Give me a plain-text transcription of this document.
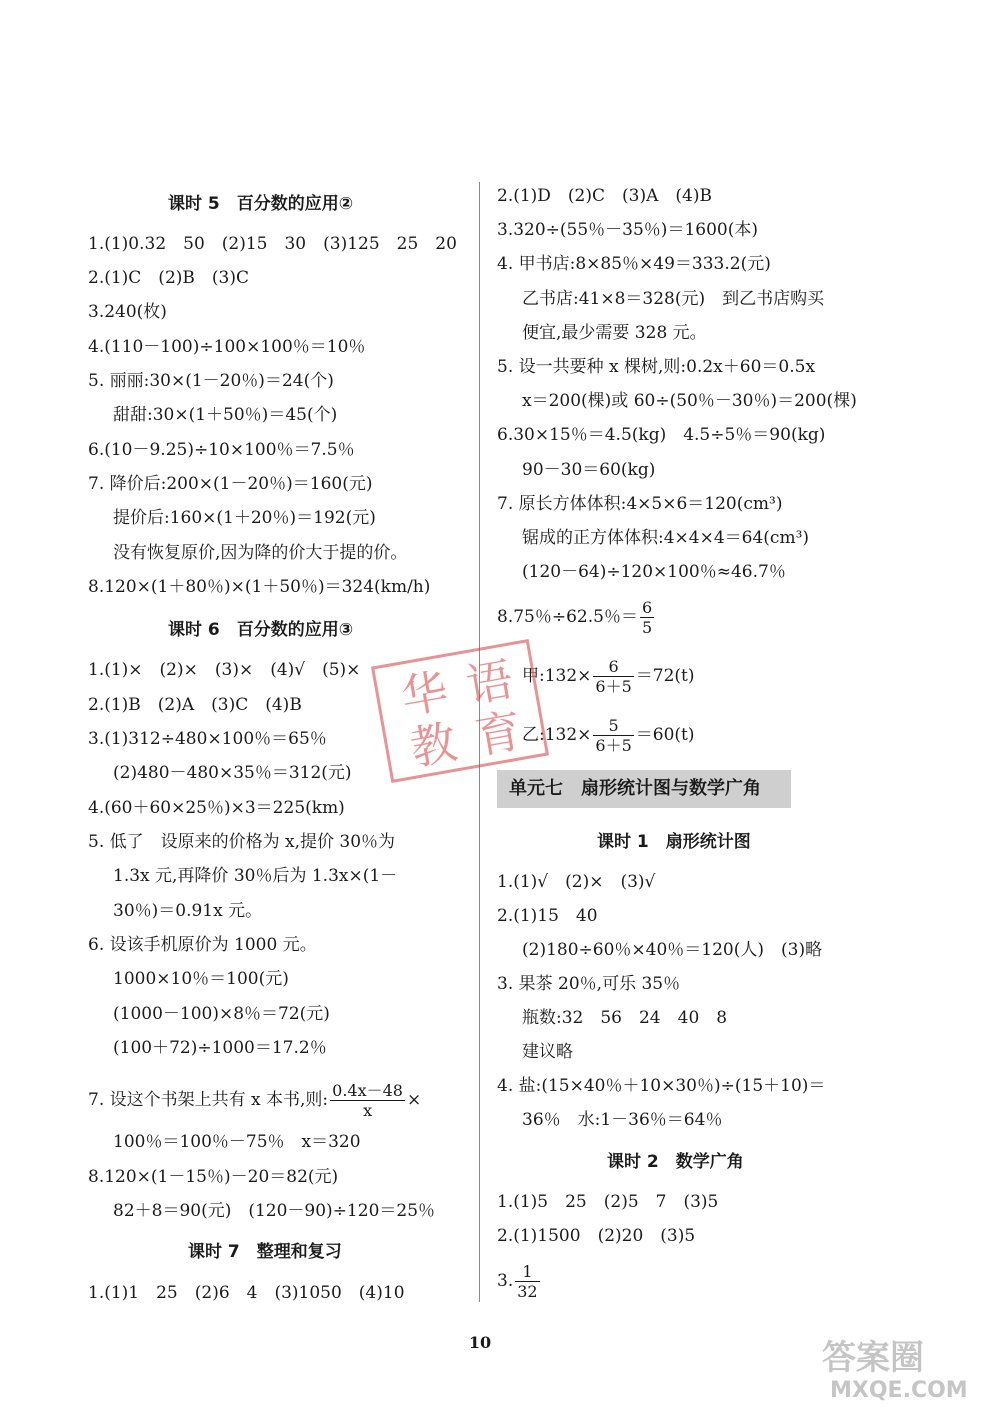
课时 5　百分数的应用②
1.(1)0.32　50　(2)15　30　(3)125　25　20
2.(1)C　(2)B　(3)C
3.240(枚)
4.(110－100)÷100×100％＝10％
5. 丽丽:30×(1－20％)＝24(个)
甜甜:30×(1＋50％)＝45(个)
6.(10－9.25)÷10×100％＝7.5％
7. 降价后:200×(1－20％)＝160(元)
提价后:160×(1＋20％)＝192(元)
没有恢复原价,因为降的价大于提的价。
8.120×(1＋80％)×(1＋50％)＝324(km/h)
课时 6　百分数的应用③
1.(1)×　(2)×　(3)×　(4)√　(5)×
2.(1)B　(2)A　(3)C　(4)B
3.(1)312÷480×100％＝65％
(2)480－480×35％＝312(元)
4.(60＋60×25％)×3＝225(km)
5. 低了　设原来的价格为 x,提价 30％为
1.3x 元,再降价 30％后为 1.3x×(1－
30％)＝0.91x 元。
6. 设该手机原价为 1000 元。
1000×10％＝100(元)
(1000－100)×8％＝72(元)
(100＋72)÷1000＝17.2％
7. 设这个书架上共有 x 本书,则: $\frac{0.4x-48}{x}$ ×
100％＝100％－75％　x＝320
8.120×(1－15％)－20＝82(元)
82＋8＝90(元)　(120－90)÷120＝25％
课时 7　整理和复习
1.(1)1　25　(2)6　4　(3)1050　(4)10
2.(1)D　(2)C　(3)A　(4)B
3.320÷(55％－35％)＝1600(本)
4. 甲书店:8×85％×49＝333.2(元)
乙书店:41×8＝328(元)　到乙书店购买
便宜,最少需要 328 元。
5. 设一共要种 x 棵树,则:0.2x＋60＝0.5x
x＝200(棵)或 60÷(50％－30％)＝200(棵)
6.30×15％＝4.5(kg)　4.5÷5％＝90(kg)
90－30＝60(kg)
7. 原长方体体积:4×5×6＝120(cm³)
锯成的正方体体积:4×4×4＝64(cm³)
(120－64)÷120×100％≈46.7％
8.75％÷62.5％＝ $\frac{6}{5}$
甲:132× $\frac{6}{6+5} =72(t)$
乙:132× $\frac{5}{6+5} =60(t)$
单元七　扇形统计图与数学广角
课时 1　扇形统计图
1.(1)√　(2)×　(3)√
2.(1)15　40
(2)180÷60％×40％＝120(人)　(3)略
3. 果茶 20％,可乐 35％
瓶数:32　56　24　40　8
建议略
4. 盐:(15×40％＋10×30％)÷(15＋10)＝
36％　水:1－36％＝64％
课时 2　数学广角
1.(1)5　25　(2)5　7　(3)5
2.(1)1500　(2)20　(3)5
3. $\frac{1}{32}$
华 语
教 育
10	答案圈
MXQE.COM
